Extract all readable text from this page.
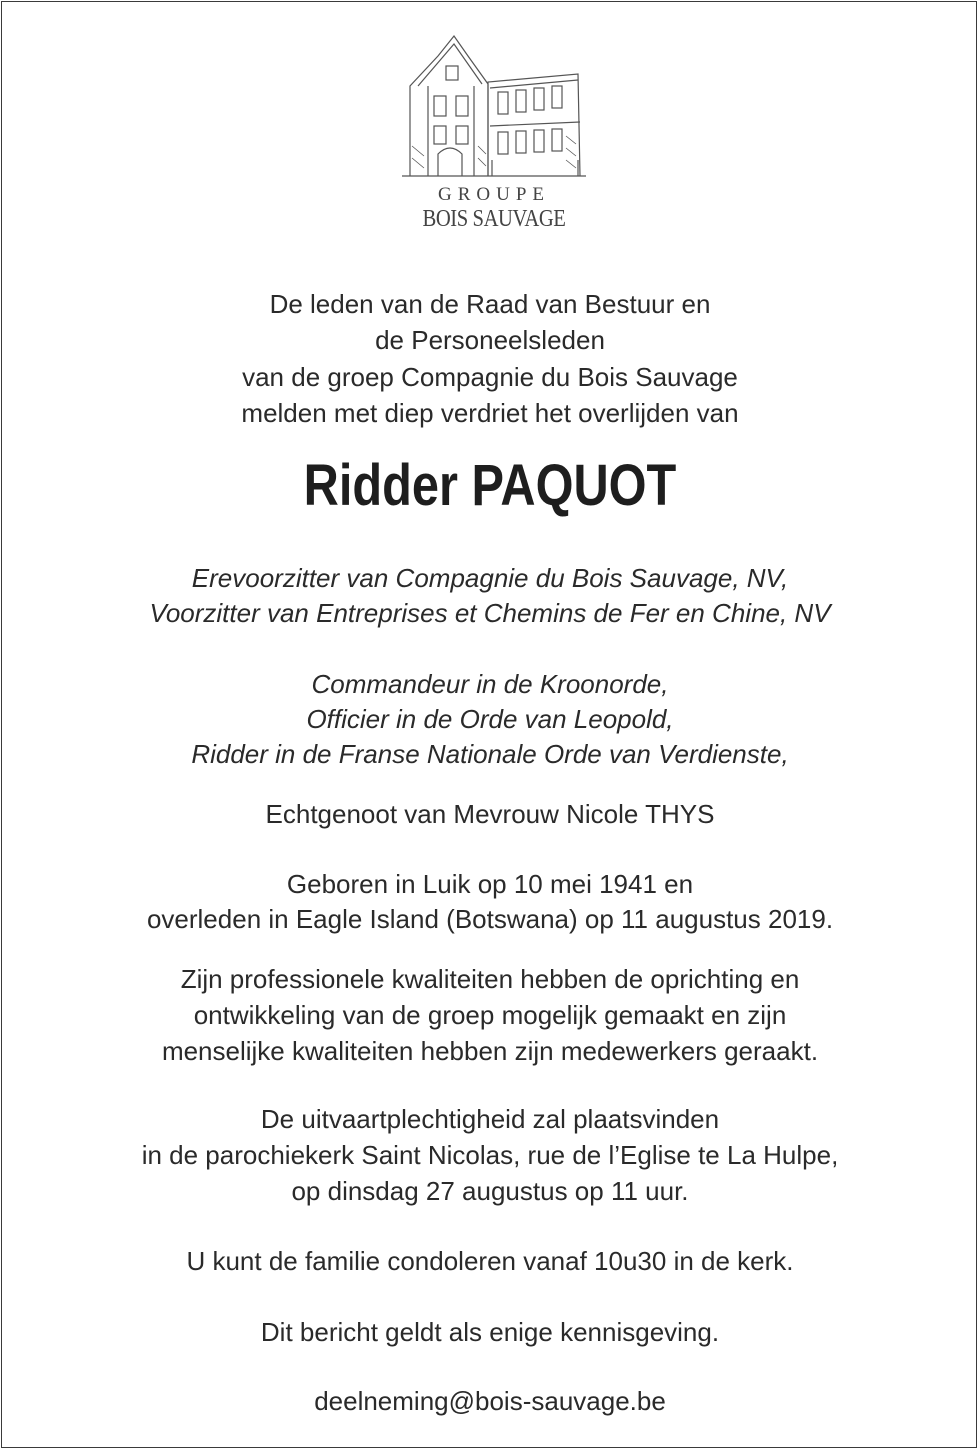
GROUPE
BOIS SAUVAGE
De leden van de Raad van Bestuur en
de Personeelsleden
van de groep Compagnie du Bois Sauvage
melden met diep verdriet het overlijden van
Ridder PAQUOT
Erevoorzitter van Compagnie du Bois Sauvage, NV,
Voorzitter van Entreprises et Chemins de Fer en Chine, NV
Commandeur in de Kroonorde,
Officier in de Orde van Leopold,
Ridder in de Franse Nationale Orde van Verdienste,
Echtgenoot van Mevrouw Nicole THYS
Geboren in Luik op 10 mei 1941 en
overleden in Eagle Island (Botswana) op 11 augustus 2019.
Zijn professionele kwaliteiten hebben de oprichting en
ontwikkeling van de groep mogelijk gemaakt en zijn
menselijke kwaliteiten hebben zijn medewerkers geraakt.
De uitvaartplechtigheid zal plaatsvinden
in de parochiekerk Saint Nicolas, rue de l’Eglise te La Hulpe,
op dinsdag 27 augustus op 11 uur.
U kunt de familie condoleren vanaf 10u30 in de kerk.
Dit bericht geldt als enige kennisgeving.
deelneming@bois-sauvage.be
